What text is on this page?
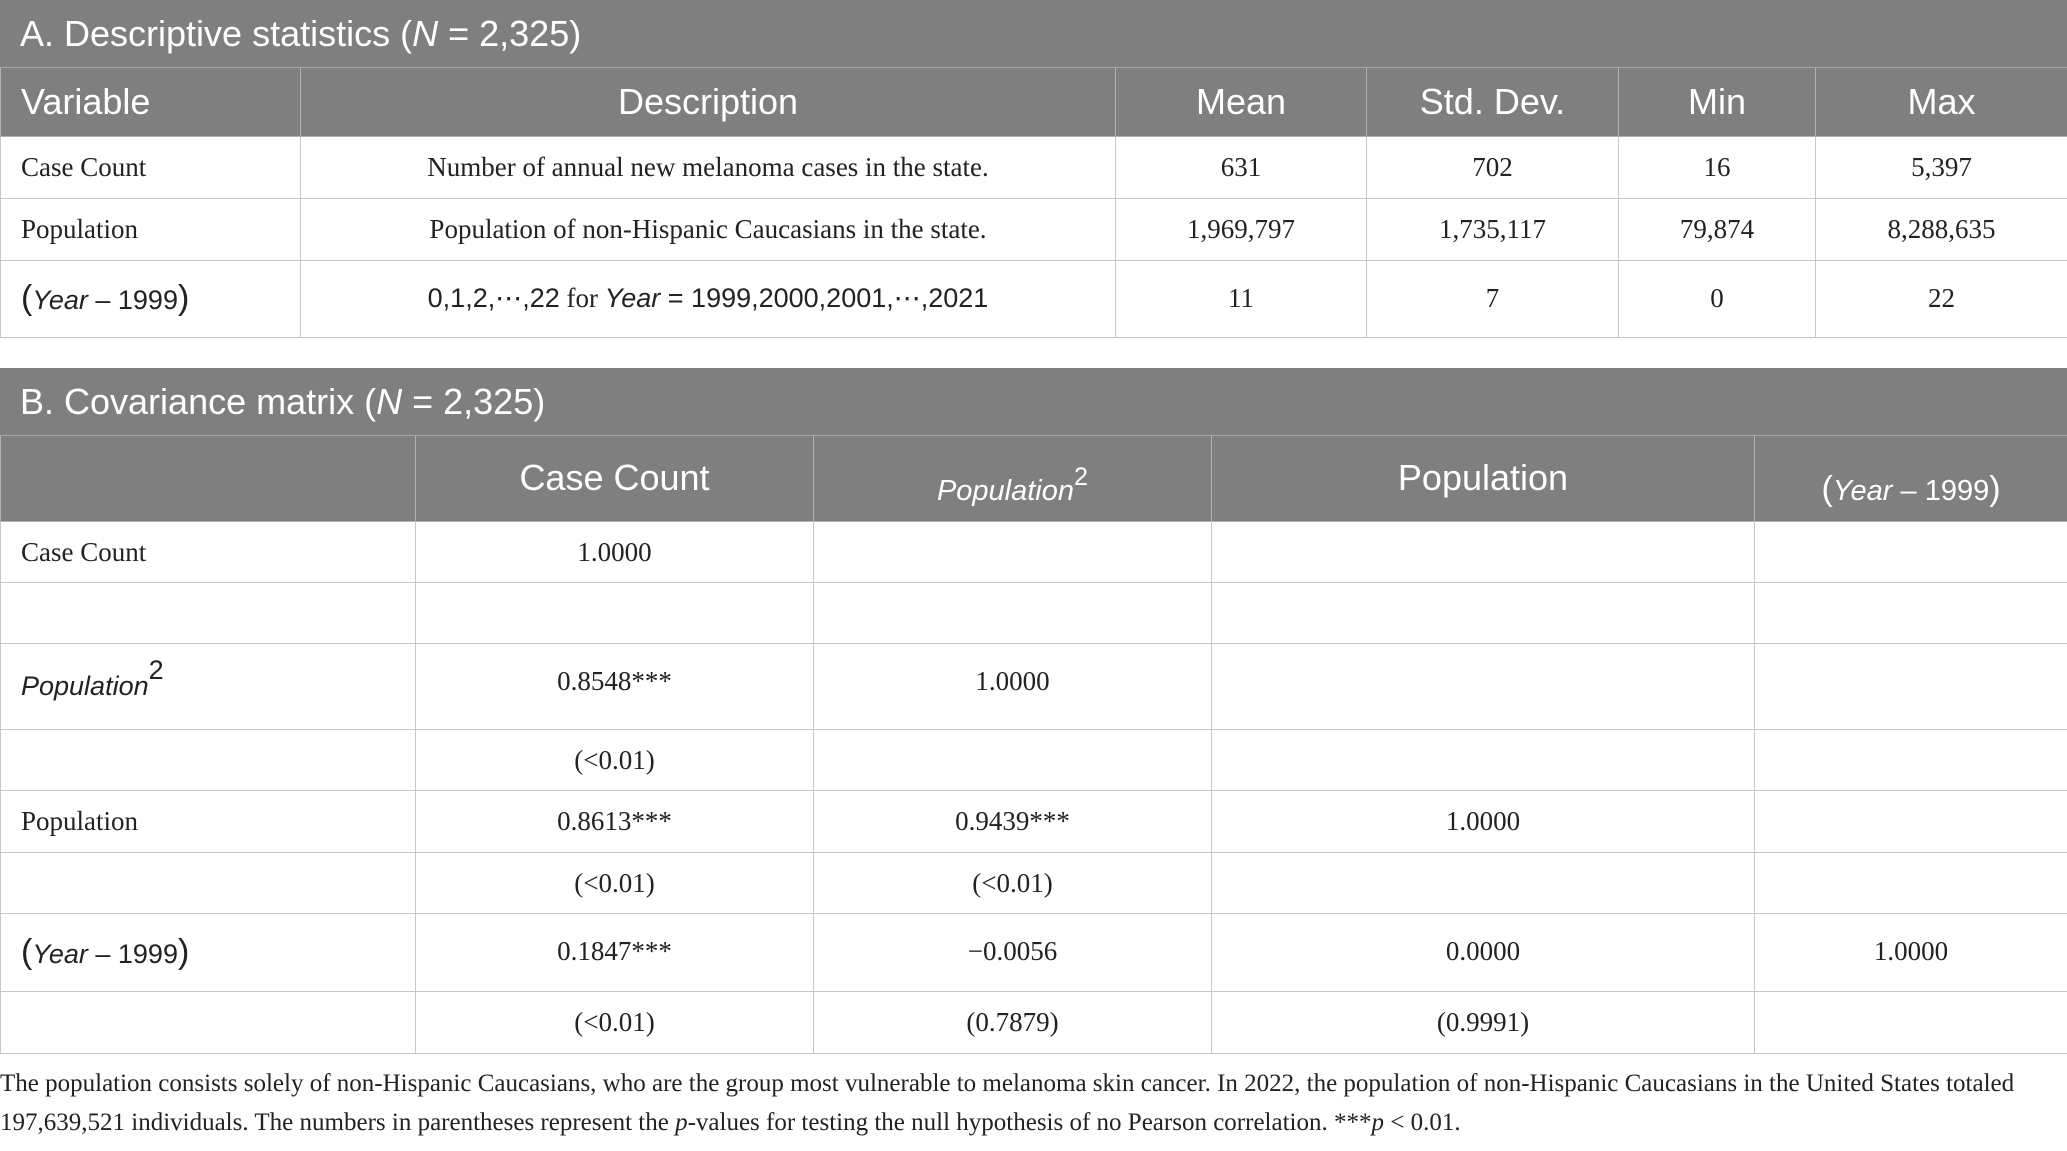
A. Descriptive statistics (N = 2,325)
Variable	Description	Mean	Std. Dev.	Min	Max
Case Count	Number of annual new melanoma cases in the state.	631	702	16	5,397
Population	Population of non-Hispanic Caucasians in the state.	1,969,797	1,735,117	79,874	8,288,635
(Year – 1999)	0,1,2,⋯,22 for Year = 1999,2000,2001,⋯,2021	11	7	0	22
B. Covariance matrix (N = 2,325)
	Case Count	Population$^2$	Population	(Year – 1999)
Case Count	1.0000			

Population$^2$	0.8548***	1.0000		
	(<0.01)			
Population	0.8613***	0.9439***	1.0000	
	(<0.01)	(<0.01)		
(Year – 1999)	0.1847***	−0.0056	0.0000	1.0000
	(<0.01)	(0.7879)	(0.9991)	
The population consists solely of non-Hispanic Caucasians, who are the group most vulnerable to melanoma skin cancer. In 2022, the population of non-Hispanic Caucasians in the United States totaled 197,639,521 individuals. The numbers in parentheses represent the p-values for testing the null hypothesis of no Pearson correlation. ***p < 0.01.
